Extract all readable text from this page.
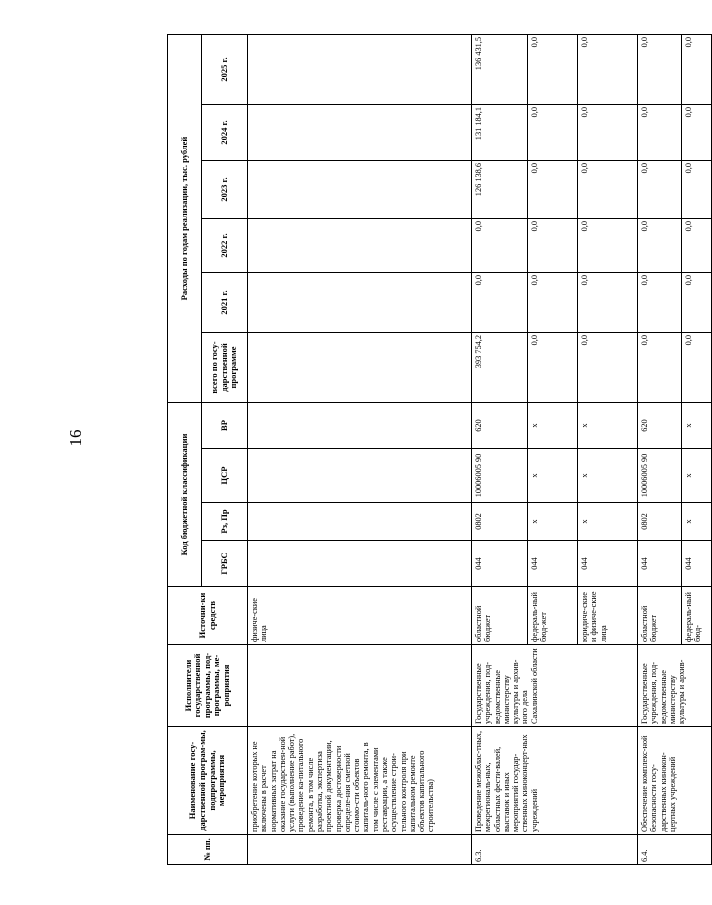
16
№ пп.	Наименование госу-дарственной програм-мы, подпрограммы, мероприятия	Исполнители государственной программы, под-программы, ме-роприятия	Источни-ки средств	Код бюджетной классификации				Расходы по годам реализации, тыс. рублей					
				ГРБС	Рз, Пр	ЦСР	ВР	всего по госу-дарственной программе	2021 г.	2022 г.	2023 г.	2024 г.	2025 г.
	приобретение которых не включены в расчет нормативных затрат на оказание государствен-ной услуги (выполнение работ), проведение ка-питального ремонта, в том числе разработка, экспертиза проектной документации, проверка достоверности определе-ния сметной стоимо-сти объектов капиталь-ного ремонта, в том числе с элементами реставрации, а также осуществление строи-тельного контроля при капитальном ремонте объектов капитального строительства)		физиче-ские лица										
6.3.	Проведение межоблас-тных, межрегиональ-ных, областных фести-валей, выставок и иных мероприятий государ-ственных киноконцерт-ных учреждений	Государственные учреждения, под-ведомственные министерству культуры и архив-ного дела Сахалинской области	областной бюджет	044	0802	10006005 90	620	393 754,2	0,0	0,0	126 138,6	131 184,1	136 431,5
			федераль-ный бюд-жет	044	х	х	х	0,0	0,0	0,0	0,0	0,0	0,0
			юридиче-ские и физиче-ские лица	044	х	х	х	0,0	0,0	0,0	0,0	0,0	0,0
6.4.	Обеспечение комплекс-ной безопасности госу-дарственных кинокон-цертных учреждений	Государственные учреждения, под-ведомственные министерству культуры и архив-	областной бюджет	044	0802	10006005 90	620	0,0	0,0	0,0	0,0	0,0	0,0
			федераль-ный бюд-	044	х	х	х	0,0	0,0	0,0	0,0	0,0	0,0
